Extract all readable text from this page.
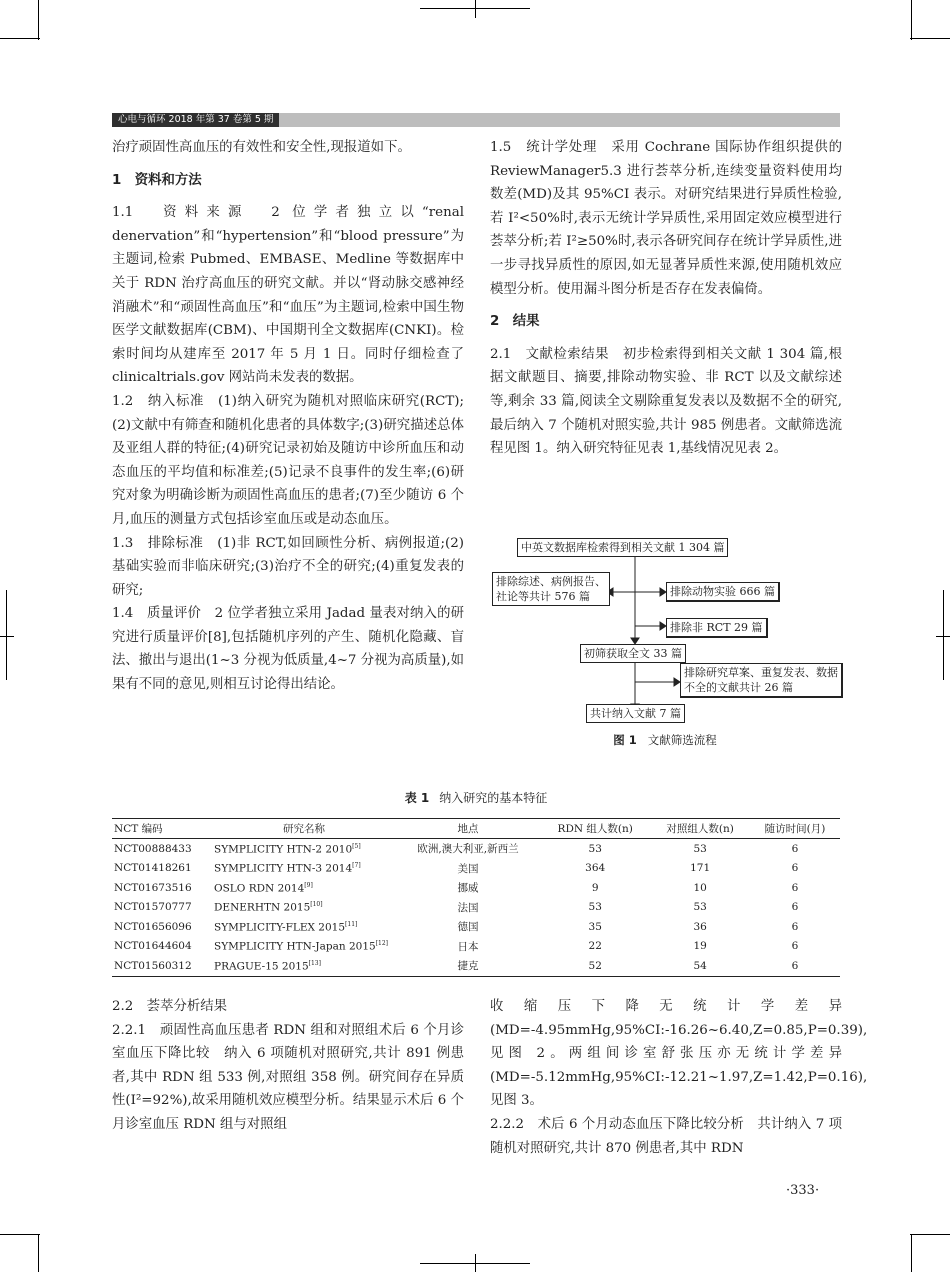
心电与循环 2018 年第 37 卷第 5 期

治疗顽固性高血压的有效性和安全性,现报道如下。

1　资料和方法

1.1　资料来源　2 位学者独立以“renal denervation”和“hypertension”和“blood pressure”为主题词,检索 Pubmed、EMBASE、Medline 等数据库中关于 RDN 治疗高血压的研究文献。并以“肾动脉交感神经消融术”和“顽固性高血压”和“血压”为主题词,检索中国生物医学文献数据库(CBM)、中国期刊全文数据库(CNKI)。检索时间均从建库至 2017 年 5 月 1 日。同时仔细检查了 clinicaltrials.gov 网站尚未发表的数据。

1.2　纳入标准　(1)纳入研究为随机对照临床研究(RCT);(2)文献中有筛查和随机化患者的具体数字;(3)研究描述总体及亚组人群的特征;(4)研究记录初始及随访中诊所血压和动态血压的平均值和标准差;(5)记录不良事件的发生率;(6)研究对象为明确诊断为顽固性高血压的患者;(7)至少随访 6 个月,血压的测量方式包括诊室血压或是动态血压。

1.3　排除标准　(1)非 RCT,如回顾性分析、病例报道;(2)基础实验而非临床研究;(3)治疗不全的研究;(4)重复发表的研究;

1.4　质量评价　2 位学者独立采用 Jadad 量表对纳入的研究进行质量评价[8],包括随机序列的产生、随机化隐藏、盲法、撤出与退出(1~3 分视为低质量,4~7 分视为高质量),如果有不同的意见,则相互讨论得出结论。

1.5　统计学处理　采用 Cochrane 国际协作组织提供的 ReviewManager5.3 进行荟萃分析,连续变量资料使用均数差(MD)及其 95%CI 表示。对研究结果进行异质性检验,若 I²<50%时,表示无统计学异质性,采用固定效应模型进行荟萃分析;若 I²≥50%时,表示各研究间存在统计学异质性,进一步寻找异质性的原因,如无显著异质性来源,使用随机效应模型分析。使用漏斗图分析是否存在发表偏倚。

2　结果

2.1　文献检索结果　初步检索得到相关文献 1 304 篇,根据文献题目、摘要,排除动物实验、非 RCT 以及文献综述等,剩余 33 篇,阅读全文剔除重复发表以及数据不全的研究,最后纳入 7 个随机对照实验,共计 985 例患者。文献筛选流程见图 1。纳入研究特征见表 1,基线情况见表 2。

中英文数据库检索得到相关文献 1 304 篇
排除综述、病例报告、
社论等共计 576 篇	排除动物实验 666 篇
排除非 RCT 29 篇
初筛获取全文 33 篇
排除研究草案、重复发表、数据
不全的文献共计 26 篇
共计纳入文献 7 篇
图 1 文献筛选流程
表 1 纳入研究的基本特征
NCT 编码	研究名称	地点	RDN 组人数(n)	对照组人数(n)	随访时间(月)
NCT00888433	SYMPLICITY HTN-2 2010[5]	欧洲,澳大利亚,新西兰	53	53	6
NCT01418261	SYMPLICITY HTN-3 2014[7]	美国	364	171	6
NCT01673516	OSLO RDN 2014[9]	挪威	9	10	6
NCT01570777	DENERHTN 2015[10]	法国	53	53	6
NCT01656096	SYMPLICITY-FLEX 2015[11]	德国	35	36	6
NCT01644604	SYMPLICITY HTN-Japan 2015[12]	日本	22	19	6
NCT01560312	PRAGUE-15 2015[13]	捷克	52	54	6

2.2　荟萃分析结果

2.2.1　顽固性高血压患者 RDN 组和对照组术后 6 个月诊室血压下降比较　纳入 6 项随机对照研究,共计 891 例患者,其中 RDN 组 533 例,对照组 358 例。研究间存在异质性(I²=92%),故采用随机效应模型分析。结果显示术后 6 个月诊室血压 RDN 组与对照组

收缩压下降无统计学差异(MD=-4.95mmHg,95%CI:-16.26~6.40,Z=0.85,P=0.39),见图 2。两组间诊室舒张压亦无统计学差异(MD=-5.12mmHg,95%CI:-12.21~1.97,Z=1.42,P=0.16),见图 3。

2.2.2　术后 6 个月动态血压下降比较分析　共计纳入 7 项随机对照研究,共计 870 例患者,其中 RDN

·333·
